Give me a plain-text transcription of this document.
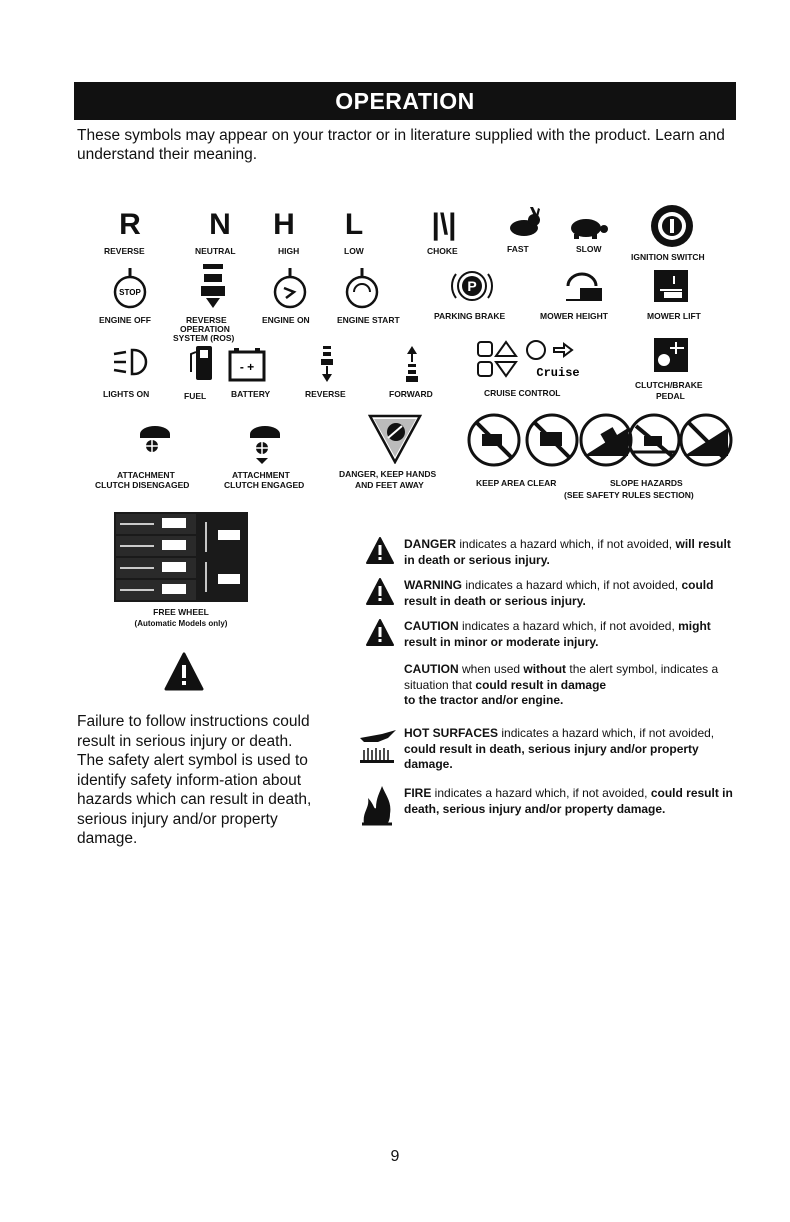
OPERATION
These symbols may appear on your tractor or in literature supplied with the product. Learn and understand their meaning.
R
REVERSE
N
NEUTRAL
H
HIGH
L
LOW
|\|
CHOKE	FAST	SLOW
IGNITION SWITCH
STOP
ENGINE OFF	REVERSE
OPERATION
SYSTEM (ROS)
ENGINE ON	ENGINE START
P
PARKING BRAKE	MOWER HEIGHT	MOWER LIFT
LIGHTS ON	FUEL
- +
BATTERY	REVERSE	FORWARD
Cruise
CRUISE CONTROL
CLUTCH/BRAKE
PEDAL
ATTACHMENT
CLUTCH DISENGAGED
ATTACHMENT
CLUTCH ENGAGED
DANGER, KEEP HANDS
AND FEET AWAY	KEEP AREA CLEAR	SLOPE HAZARDS
(SEE SAFETY RULES SECTION)
FREE WHEEL
(Automatic Models only)
Failure to follow instructions could result in serious injury or death. The safety alert symbol is used to identify safety inform-ation about hazards which can result in death, serious injury and/or property damage.
DANGER indicates a hazard which, if not avoided, will result in death or serious injury.
WARNING indicates a hazard which, if not avoided, could result in death or serious injury.
CAUTION indicates a hazard which, if not avoided, might result in minor or moderate injury.
CAUTION when used without the alert symbol, indicates a situation that could result in damage
to the tractor and/or engine.
HOT SURFACES indicates a hazard which, if not avoided, could result in death, serious injury and/or property damage.
FIRE indicates a hazard which, if not avoided, could result in death, serious injury and/or property damage.
9
